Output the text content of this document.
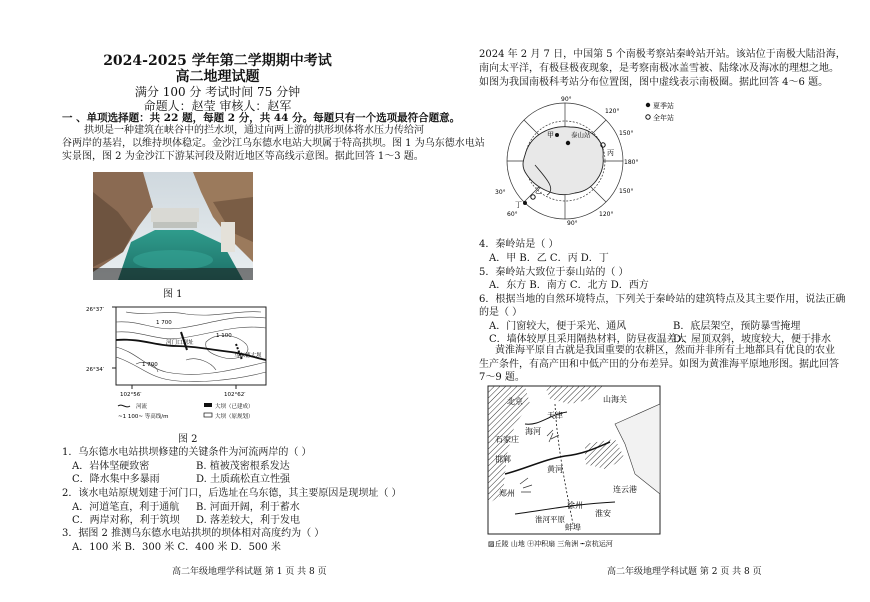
2024-2025 学年第二学期期中考试
高二地理试题
满分 100 分 考试时间 75 分钟
命题人：赵莹 审核人：赵军
一 、单项选择题：共 22 题，每题 2 分，共 44 分。每题只有一个选项最符合题意。
拱坝是一种建筑在峡谷中的拦水坝，通过向两上游的拱形坝体将水压力传给河
谷两岸的基岩，以维持坝体稳定。金沙江乌东德水电站大坝属于特高拱坝。图 1 为乌东德水电站
实景图，图 2 为金沙江下游某河段及附近地区等高线示意图。据此回答 1～3 题。
图 1
26°37′
26°34′
102°56′	102°62′
河门口坝址
乌东德大坝
1 700
1 100
1 700
河流
~1 100~ 等高线/m
大坝（已建成）
大坝（原规划）
图 2
1．乌东德水电站拱坝修建的关键条件为河流两岸的（ ）
A．岩体坚硬致密	B. 植被茂密根系发达
C．降水集中多暴雨	D. 土质疏松直立性强
2．该水电站原规划建于河门口，后选址在乌东德，其主要原因是现坝址（ ）
A．河道笔直，利于通航 B. 河面开阔，利于蓄水
C．两岸对称，利于筑坝 D. 落差较大，利于发电
3．据图 2 推测乌东德水电站拱坝的坝体相对高度约为（ ）
A．100 米 B．300 米 C．400 米 D．500 米
高二年级地理学科试题 第 1 页 共 8 页
2024 年 2 月 7 日，中国第 5 个南极考察站秦岭站开站。该站位于南极大陆沿海，
南向太平洋，有极昼极夜现象，是考察南极冰盖雪被、陆缘冰及海冰的理想之地。
如图为我国南极科考站分布位置图，图中虚线表示南极圈。据此回答 4～6 题。
90°
120°
150°
180°
150°
120°
90°
60°
30°
甲	泰山站
乙
丙
丁
夏季站
全年站
4．秦岭站是（ ）
A．甲 B．乙 C．丙 D．丁
5．秦岭站大致位于泰山站的（ ）
A．东方 B．南方 C．北方 D．西方
6．根据当地的自然环境特点，下列关于秦岭站的建筑特点及其主要作用，说法正确
的是（ ）
A．门窗较大，便于采光、通风	B．底层架空，预防暴雪掩埋
C．墙体较厚且采用隔热材料，防昼夜温差大
D．屋顶双斜，坡度较大，便于排水
黄淮海平原自古就是我国重要的农耕区，然而并非所有土地都具有优良的农业
生产条件，有高产田和中低产田的分布差异。如图为黄淮海平原地形图。据此回答
7～9 题。
北京
天津
山海关
石家庄
邯郸
郑州
黄河
海河
连云港
徐州
淮河平原
淮安
蚌埠
▨丘陵 山地 ㊉冲积扇 三角洲 ┅京杭运河
高二年级地理学科试题 第 2 页 共 8 页
